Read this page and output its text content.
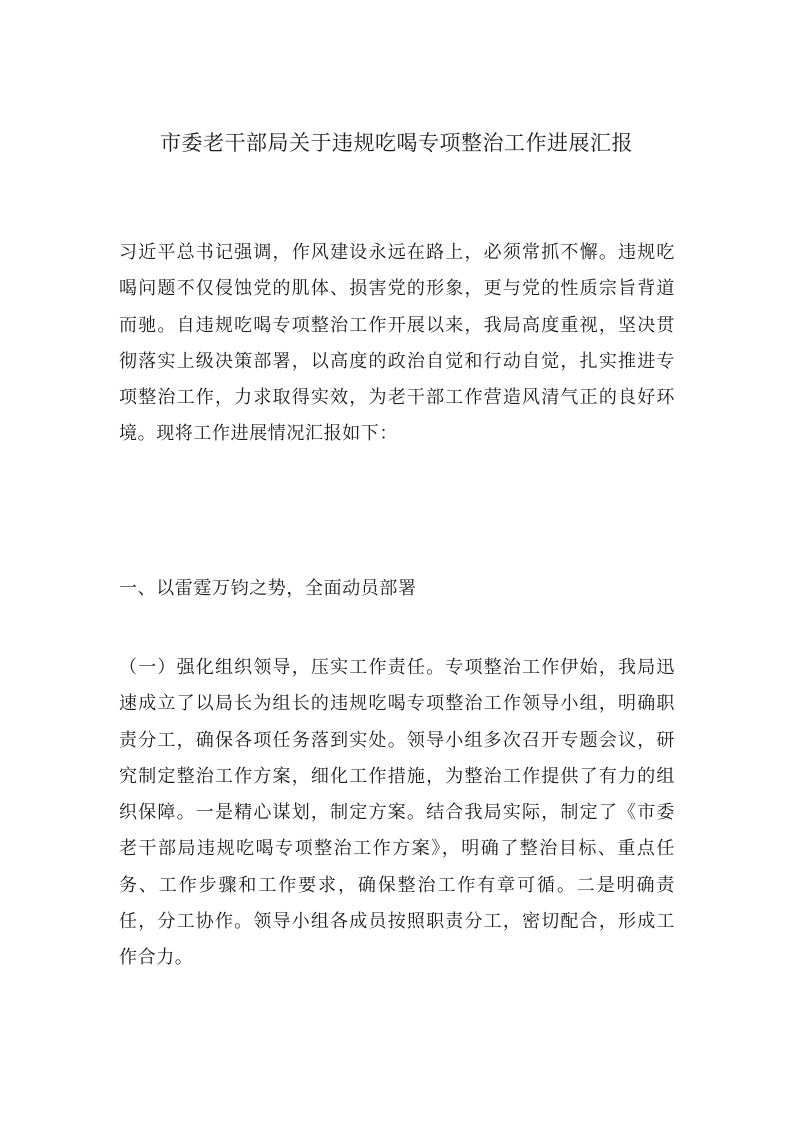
市委老干部局关于违规吃喝专项整治工作进展汇报

习近平总书记强调，作风建设永远在路上，必须常抓不懈。违规吃喝问题不仅侵蚀党的肌体、损害党的形象，更与党的性质宗旨背道而驰。自违规吃喝专项整治工作开展以来，我局高度重视，坚决贯彻落实上级决策部署，以高度的政治自觉和行动自觉，扎实推进专项整治工作，力求取得实效，为老干部工作营造风清气正的良好环境。现将工作进展情况汇报如下：

一、以雷霆万钧之势，全面动员部署

（一）强化组织领导，压实工作责任。专项整治工作伊始，我局迅速成立了以局长为组长的违规吃喝专项整治工作领导小组，明确职责分工，确保各项任务落到实处。领导小组多次召开专题会议，研究制定整治工作方案，细化工作措施，为整治工作提供了有力的组织保障。一是精心谋划，制定方案。结合我局实际，制定了《市委老干部局违规吃喝专项整治工作方案》，明确了整治目标、重点任务、工作步骤和工作要求，确保整治工作有章可循。二是明确责任，分工协作。领导小组各成员按照职责分工，密切配合，形成工作合力。
